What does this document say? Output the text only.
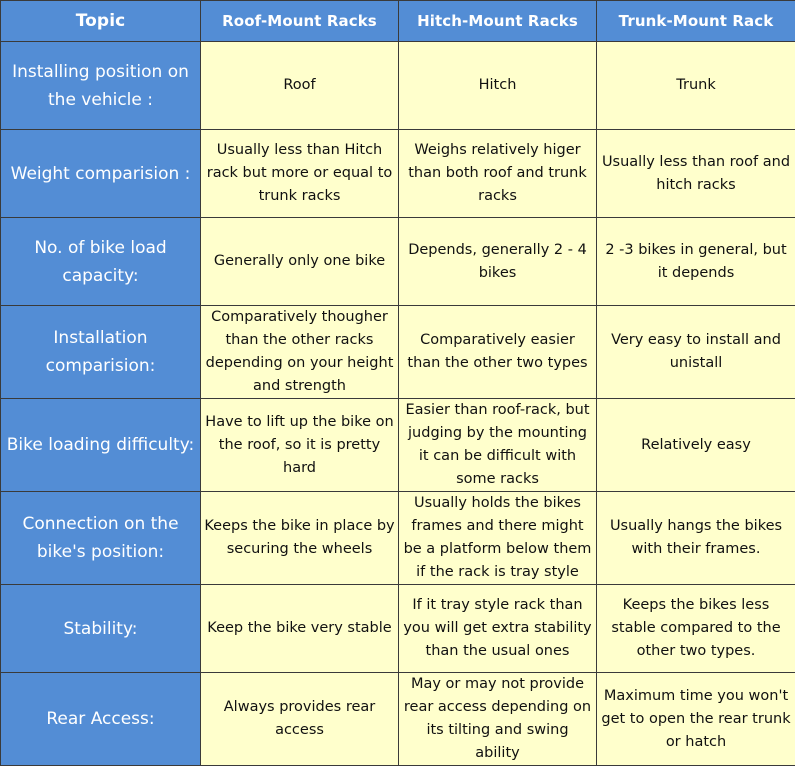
Topic	Roof-Mount Racks	Hitch-Mount Racks	Trunk-Mount Rack
Installing position on the vehicle :	Roof	Hitch	Trunk
Weight comparision :	Usually less than Hitch rack but more or equal to trunk racks	Weighs relatively higer than both roof and trunk racks	Usually less than roof and hitch racks
No. of bike load capacity:	Generally only one bike	Depends, generally 2 - 4 bikes	2 -3 bikes in general, but it depends
Installation comparision:	Comparatively thougher than the other racks depending on your height and strength	Comparatively easier than the other two types	Very easy to install and unistall
Bike loading difficulty:	Have to lift up the bike on the roof, so it is pretty hard	Easier than roof-rack, but judging by the mounting it can be difficult with some racks	Relatively easy
Connection on the bike's position:	Keeps the bike in place by securing the wheels	Usually holds the bikes frames and there might be a platform below them if the rack is tray style	Usually hangs the bikes with their frames.
Stability:	Keep the bike very stable	If it tray style rack than you will get extra stability than the usual ones	Keeps the bikes less stable compared to the other two types.
Rear Access:	Always provides rear access	May or may not provide rear access depending on its tilting and swing ability	Maximum time you won't get to open the rear trunk or hatch
